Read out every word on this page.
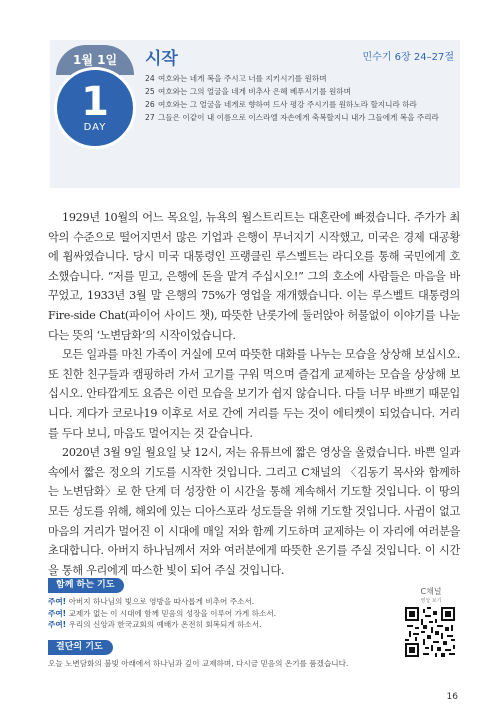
1월 1일
1
DAY
시작	민수기 6장 24–27절
24 여호와는 네게 복을 주시고 너를 지키시기를 원하며
25 여호와는 그의 얼굴을 네게 비추사 은혜 베푸시기를 원하며
26 여호와는 그 얼굴을 네게로 향하여 드사 평강 주시기를 원하노라 할지니라 하라
27 그들은 이같이 내 이름으로 이스라엘 자손에게 축복할지니 내가 그들에게 복을 주리라

1929년 10월의 어느 목요일, 뉴욕의 월스트리트는 대혼란에 빠졌습니다. 주가가 최악의 수준으로 떨어지면서 많은 기업과 은행이 무너지기 시작했고, 미국은 경제 대공황에 휩싸였습니다. 당시 미국 대통령인 프랭클린 루스벨트는 라디오를 통해 국민에게 호소했습니다. “저를 믿고, 은행에 돈을 맡겨 주십시오!” 그의 호소에 사람들은 마음을 바꾸었고, 1933년 3월 말 은행의 75%가 영업을 재개했습니다. 이는 루스벨트 대통령의 Fire-side Chat(파이어 사이드 챗), 따뜻한 난롯가에 둘러앉아 허물없이 이야기를 나눈다는 뜻의 ‘노변담화’의 시작이었습니다.

모든 일과를 마친 가족이 거실에 모여 따뜻한 대화를 나누는 모습을 상상해 보십시오. 또 친한 친구들과 캠핑하러 가서 고기를 구워 먹으며 즐겁게 교제하는 모습을 상상해 보십시오. 안타깝게도 요즘은 이런 모습을 보기가 쉽지 않습니다. 다들 너무 바쁘기 때문입니다. 게다가 코로나19 이후로 서로 간에 거리를 두는 것이 에티켓이 되었습니다. 거리를 두다 보니, 마음도 멀어지는 것 같습니다.

2020년 3월 9일 월요일 낮 12시, 저는 유튜브에 짧은 영상을 올렸습니다. 바쁜 일과 속에서 짧은 정오의 기도를 시작한 것입니다. 그리고 C채널의 〈김동기 목사와 함께하는 노변담화〉로 한 단계 더 성장한 이 시간을 통해 계속해서 기도할 것입니다. 이 땅의 모든 성도를 위해, 해외에 있는 디아스포라 성도들을 위해 기도할 것입니다. 사귐이 없고 마음의 거리가 멀어진 이 시대에 매일 저와 함께 기도하며 교제하는 이 자리에 여러분을 초대합니다. 아버지 하나님께서 저와 여러분에게 따뜻한 온기를 주실 것입니다. 이 시간을 통해 우리에게 따스한 빛이 되어 주실 것입니다.

함께 하는 기도
주여! 아버지 하나님의 빛으로 영방을 따사롭게 비추어 주소서.
주여! 교제가 없는 이 시대에 함께 믿음의 성장을 이루어 가게 하소서.
주여! 우리의 신앙과 한국교회의 예배가 온전히 회복되게 하소서.
결단의 기도

오늘 노변담화의 불빛 아래에서 하나님과 깊이 교제하며, 다시금 믿음의 온기를 품겠습니다.

C채널
영상 보기
16
